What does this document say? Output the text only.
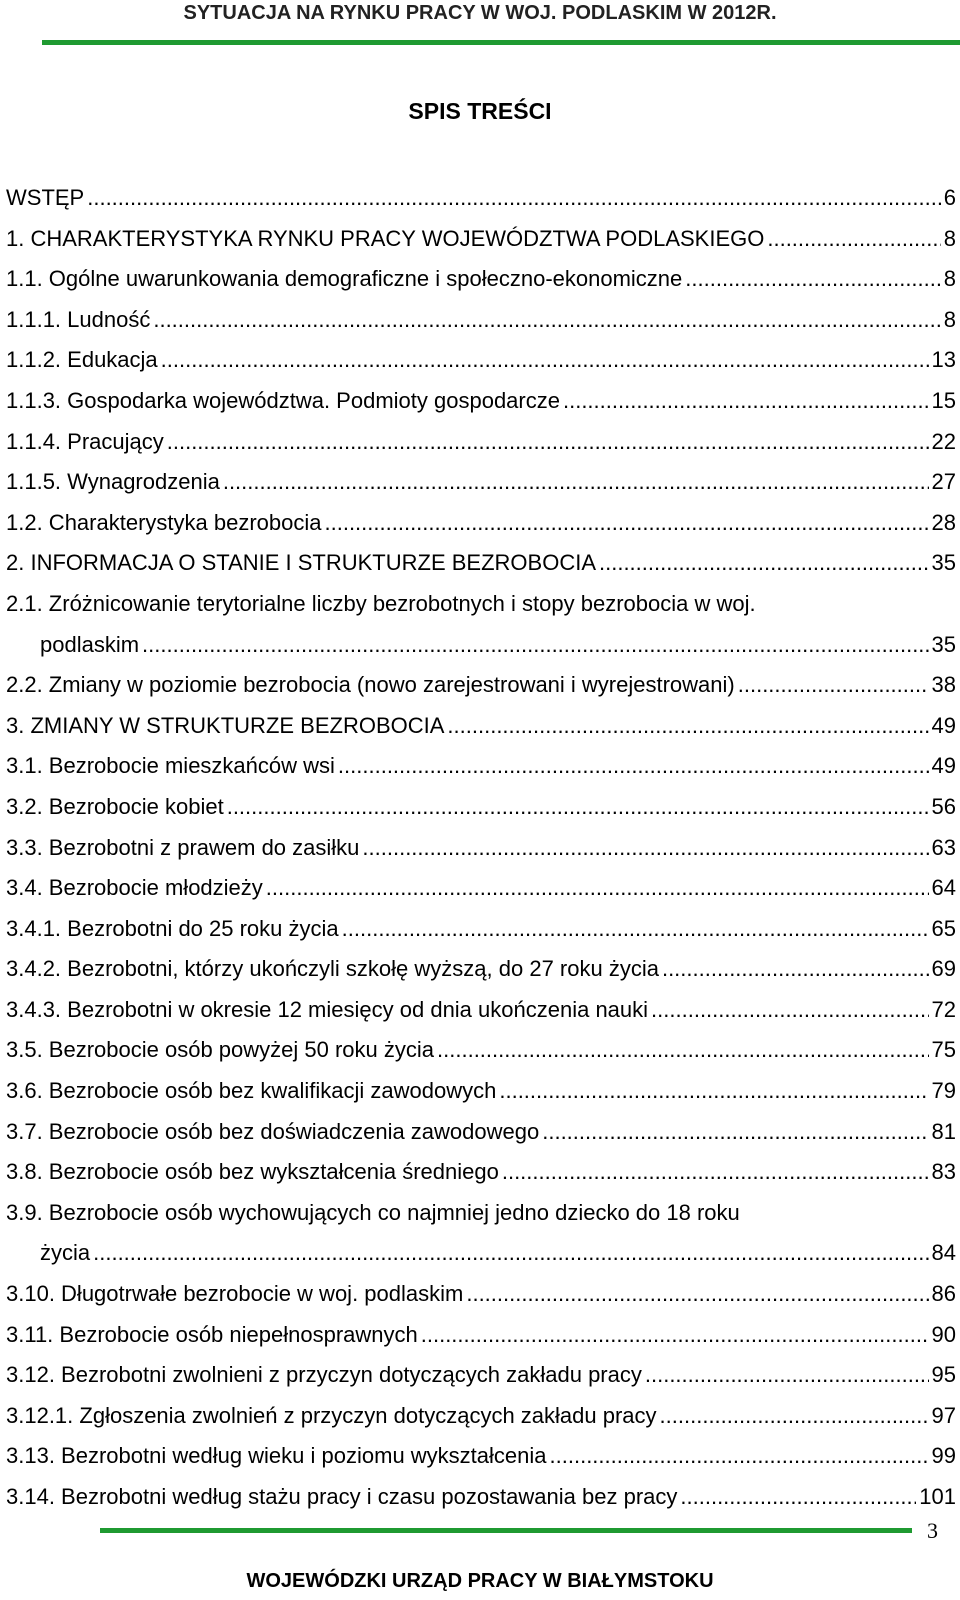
SYTUACJA NA RYNKU PRACY W WOJ. PODLASKIM W 2012R.
SPIS TREŚCI
WSTĘP .....	6
1. CHARAKTERYSTYKA RYNKU PRACY WOJEWÓDZTWA PODLASKIEGO .....	8
1.1. Ogólne uwarunkowania demograficzne i społeczno-ekonomiczne .....	8
1.1.1. Ludność .....	8
1.1.2. Edukacja .....	13
1.1.3. Gospodarka województwa. Podmioty gospodarcze .....	15
1.1.4. Pracujący .....	22
1.1.5. Wynagrodzenia .....	27
1.2. Charakterystyka bezrobocia .....	28
2. INFORMACJA O STANIE I STRUKTURZE BEZROBOCIA .....	35
2.1. Zróżnicowanie terytorialne liczby bezrobotnych i stopy bezrobocia w woj.
podlaskim .....	35
2.2. Zmiany w poziomie bezrobocia (nowo zarejestrowani i wyrejestrowani) .....	38
3. ZMIANY W STRUKTURZE BEZROBOCIA .....	49
3.1. Bezrobocie mieszkańców wsi .....	49
3.2. Bezrobocie kobiet .....	56
3.3. Bezrobotni z prawem do zasiłku .....	63
3.4. Bezrobocie młodzieży .....	64
3.4.1. Bezrobotni do 25 roku życia .....	65
3.4.2. Bezrobotni, którzy ukończyli szkołę wyższą, do 27 roku życia .....	69
3.4.3. Bezrobotni w okresie 12 miesięcy od dnia ukończenia nauki .....	72
3.5. Bezrobocie osób powyżej 50 roku życia .....	75
3.6. Bezrobocie osób bez kwalifikacji zawodowych .....	79
3.7. Bezrobocie osób bez doświadczenia zawodowego .....	81
3.8. Bezrobocie osób bez wykształcenia średniego .....	83
3.9. Bezrobocie osób wychowujących co najmniej jedno dziecko do 18 roku
życia .....	84
3.10. Długotrwałe bezrobocie w woj. podlaskim .....	86
3.11. Bezrobocie osób niepełnosprawnych .....	90
3.12. Bezrobotni zwolnieni z przyczyn dotyczących zakładu pracy .....	95
3.12.1. Zgłoszenia zwolnień z przyczyn dotyczących zakładu pracy .....	97
3.13. Bezrobotni według wieku i poziomu wykształcenia .....	99
3.14. Bezrobotni według stażu pracy i czasu pozostawania bez pracy .....	101
3
WOJEWÓDZKI URZĄD PRACY W BIAŁYMSTOKU
